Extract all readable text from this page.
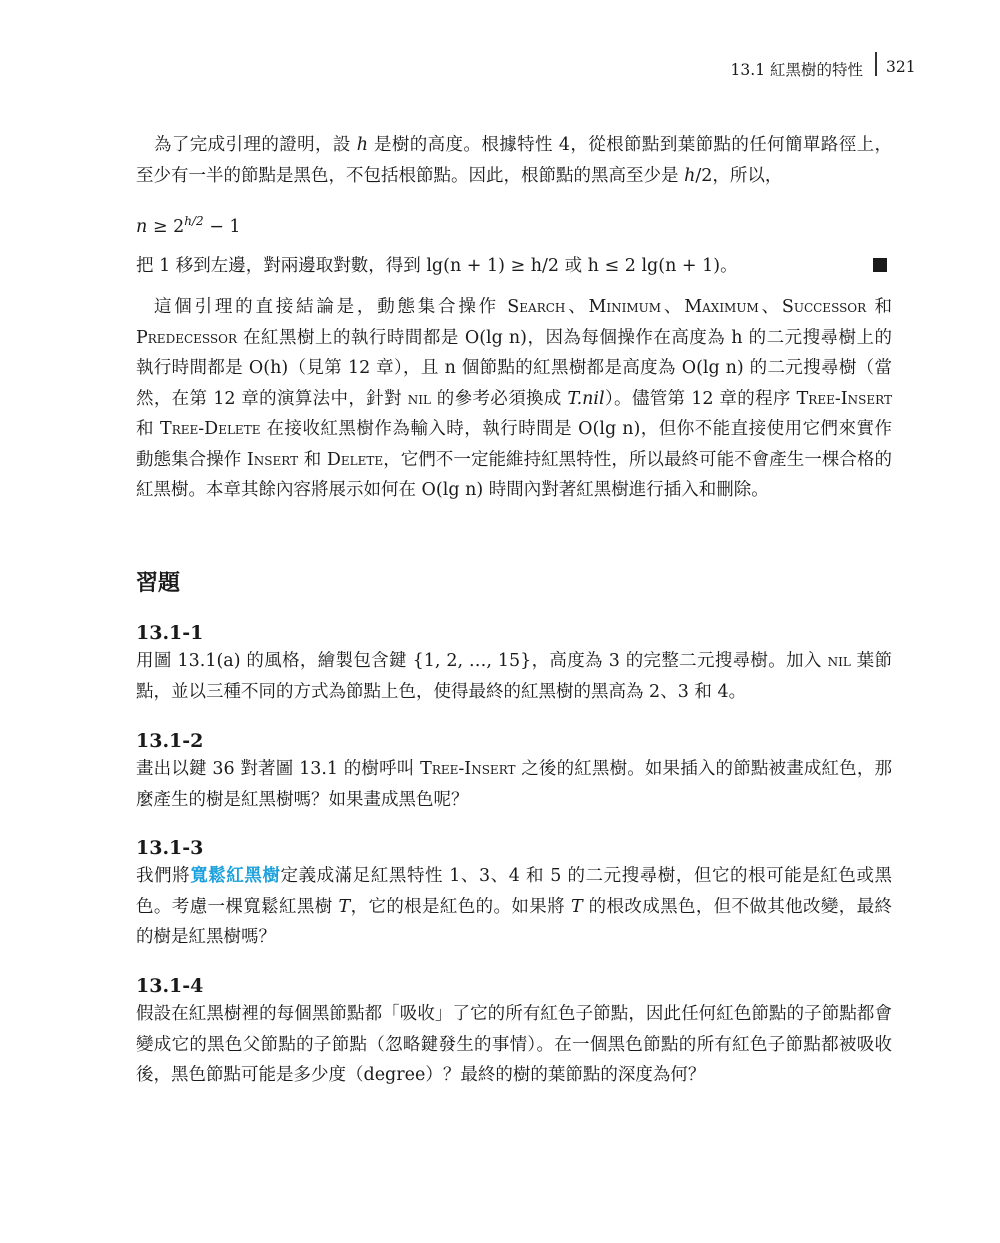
13.1 紅黑樹的特性 321

為了完成引理的證明，設 h 是樹的高度。根據特性 4，從根節點到葉節點的任何簡單路徑上，至少有一半的節點是黑色，不包括根節點。因此，根節點的黑高至少是 h/2，所以，

$n \ge 2^{h/2} - 1$

把 1 移到左邊，對兩邊取對數，得到 lg(n + 1) ≥ h/2 或 h ≤ 2 lg(n + 1)。

這個引理的直接結論是，動態集合操作 Search、Minimum、Maximum、Successor 和 Predecessor 在紅黑樹上的執行時間都是 O(lg n)，因為每個操作在高度為 h 的二元搜尋樹上的執行時間都是 O(h)（見第 12 章），且 n 個節點的紅黑樹都是高度為 O(lg n) 的二元搜尋樹（當然，在第 12 章的演算法中，針對 nil 的參考必須換成 T.nil）。儘管第 12 章的程序 Tree-Insert 和 Tree-Delete 在接收紅黑樹作為輸入時，執行時間是 O(lg n)，但你不能直接使用它們來實作動態集合操作 Insert 和 Delete，它們不一定能維持紅黑特性，所以最終可能不會產生一棵合格的紅黑樹。本章其餘內容將展示如何在 O(lg n) 時間內對著紅黑樹進行插入和刪除。

習題
13.1-1

用圖 13.1(a) 的風格，繪製包含鍵 {1, 2, …, 15}，高度為 3 的完整二元搜尋樹。加入 nil 葉節點，並以三種不同的方式為節點上色，使得最終的紅黑樹的黑高為 2、3 和 4。

13.1-2

畫出以鍵 36 對著圖 13.1 的樹呼叫 Tree-Insert 之後的紅黑樹。如果插入的節點被畫成紅色，那麼產生的樹是紅黑樹嗎？如果畫成黑色呢？

13.1-3

我們將寬鬆紅黑樹定義成滿足紅黑特性 1、3、4 和 5 的二元搜尋樹，但它的根可能是紅色或黑色。考慮一棵寬鬆紅黑樹 T，它的根是紅色的。如果將 T 的根改成黑色，但不做其他改變，最終的樹是紅黑樹嗎？

13.1-4

假設在紅黑樹裡的每個黑節點都「吸收」了它的所有紅色子節點，因此任何紅色節點的子節點都會變成它的黑色父節點的子節點（忽略鍵發生的事情）。在一個黑色節點的所有紅色子節點都被吸收後，黑色節點可能是多少度（degree）？最終的樹的葉節點的深度為何？
